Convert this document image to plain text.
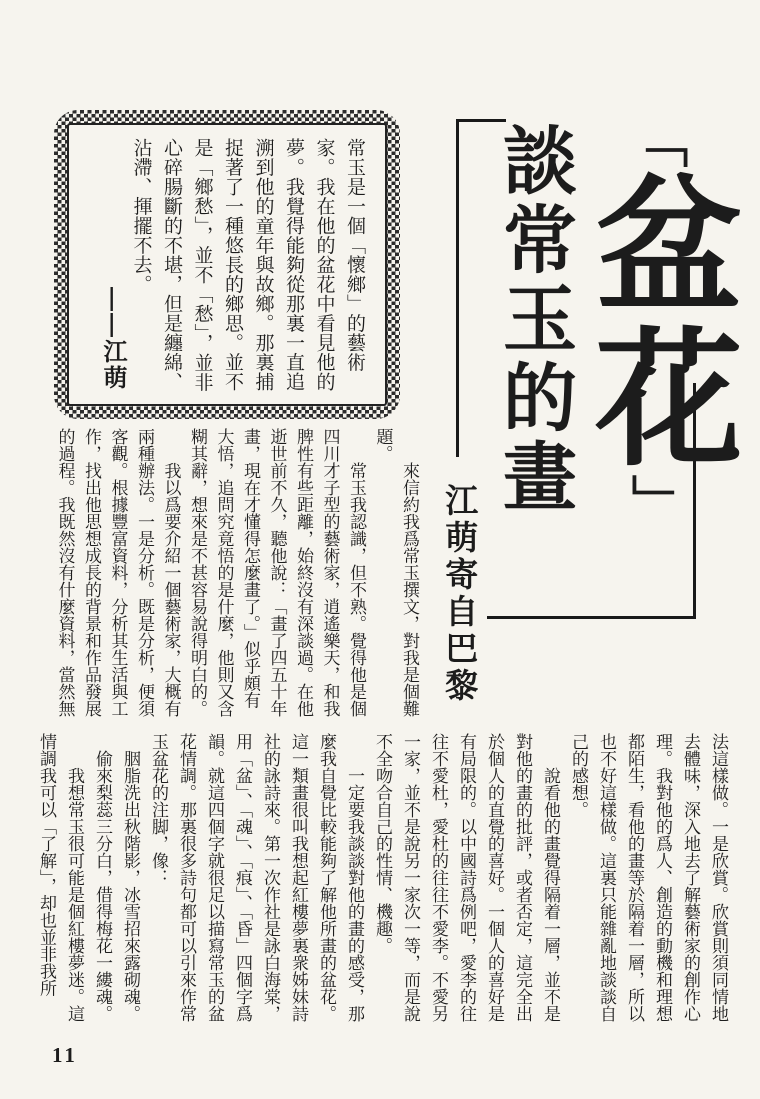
常玉是一個「懷鄉」的藝術家。我在他的盆花中看見他的夢。我覺得能夠從那裏一直追溯到他的童年與故鄉。那裏捕捉著了一種悠長的鄉思。並不是「鄉愁」，並不「愁」，並非心碎腸斷的不堪，但是纏綿、沾滯、揮擺不去。
——江萌
「盆花」
談常玉的畫
江萌寄自巴黎

來信約我爲常玉撰文，對我是個難題。

常玉我認識，但不熟。覺得他是個四川才子型的藝術家，逍遙樂天，和我脾性有些距離，始終沒有深談過。在他逝世前不久，聽他說：「畫了四五十年畫，現在才懂得怎麼畫了。」似乎頗有大悟，追問究竟悟的是什麼，他則又含糊其辭，想來是不甚容易說得明白的。

我以爲要介紹一個藝術家，大概有兩種辦法。一是分析。既是分析，便須客觀。根據豐富資料，分析其生活與工作，找出他思想成長的背景和作品發展的過程。我既然沒有什麼資料，當然無

法這樣做。一是欣賞。欣賞則須同情地去體味，深入地去了解藝術家的創作心理。我對他的爲人、創造的動機和理想都陌生，看他的畫等於隔着一層，所以也不好這樣做。這裏只能雜亂地談談自己的感想。

說看他的畫覺得隔着一層，並不是對他的畫的批評，或者否定，這完全出於個人的直覺的喜好。一個人的喜好是有局限的。以中國詩爲例吧，愛李的往往不愛杜，愛杜的往往不愛李。不愛另一家，並不是說另一家次一等，而是說不全吻合自己的性情、機趣。

一定要我談談對他的畫的感受，那麼我自覺比較能夠了解他所畫的盆花。這一類畫很叫我想起紅樓夢裏衆姊妹詩社的詠詩來。第一次作社是詠白海棠，用「盆」、「魂」、「痕」、「昏」四個字爲韻。就這四個字就很足以描寫常玉的盆花情調。那裏很多詩句都可以引來作常玉盆花的注脚，像：

胭脂洗出秋階影，冰雪招來露砌魂。

偷來梨蕊三分白，借得梅花一縷魂。

我想常玉很可能是個紅樓夢迷。這情調我可以「了解」，却也並非我所

11
